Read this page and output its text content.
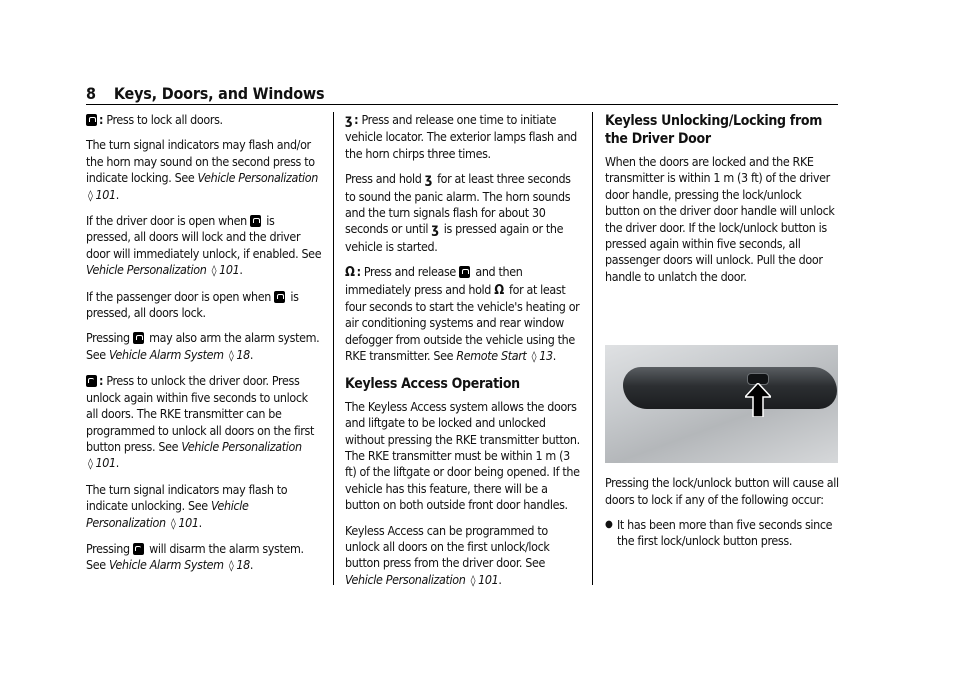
8 Keys, Doors, and Windows

: Press to lock all doors.

The turn signal indicators may flash and/or the horn may sound on the second press to indicate locking. See Vehicle Personalization
◊ 101.

If the driver door is open when is pressed, all doors will lock and the driver door will immediately unlock, if enabled. See Vehicle Personalization ◊ 101.

If the passenger door is open when is pressed, all doors lock.

Pressing may also arm the alarm system. See Vehicle Alarm System ◊ 18.

: Press to unlock the driver door. Press unlock again within five seconds to unlock all doors. The RKE transmitter can be programmed to unlock all doors on the first button press. See Vehicle Personalization
◊ 101.

The turn signal indicators may flash to indicate unlocking. See Vehicle Personalization ◊ 101.

Pressing will disarm the alarm system. See Vehicle Alarm System ◊ 18.

ʒ : Press and release one time to initiate vehicle locator. The exterior lamps flash and the horn chirps three times.

Press and hold ʒ for at least three seconds to sound the panic alarm. The horn sounds and the turn signals flash for about 30 seconds or until ʒ is pressed again or the vehicle is started.

Ω : Press and release and then immediately press and hold Ω for at least four seconds to start the vehicle's heating or air conditioning systems and rear window defogger from outside the vehicle using the RKE transmitter. See Remote Start ◊ 13.

Keyless Access Operation

The Keyless Access system allows the doors and liftgate to be locked and unlocked without pressing the RKE transmitter button. The RKE transmitter must be within 1 m (3 ft) of the liftgate or door being opened. If the vehicle has this feature, there will be a button on both outside front door handles.

Keyless Access can be programmed to unlock all doors on the first unlock/lock button press from the driver door. See Vehicle Personalization ◊ 101.

Keyless Unlocking/Locking from the Driver Door

When the doors are locked and the RKE transmitter is within 1 m (3 ft) of the driver door handle, pressing the lock/unlock button on the driver door handle will unlock the driver door. If the lock/unlock button is pressed again within five seconds, all passenger doors will unlock. Pull the door handle to unlatch the door.

Pressing the lock/unlock button will cause all doors to lock if any of the following occur:

● It has been more than five seconds since the first lock/unlock button press.
